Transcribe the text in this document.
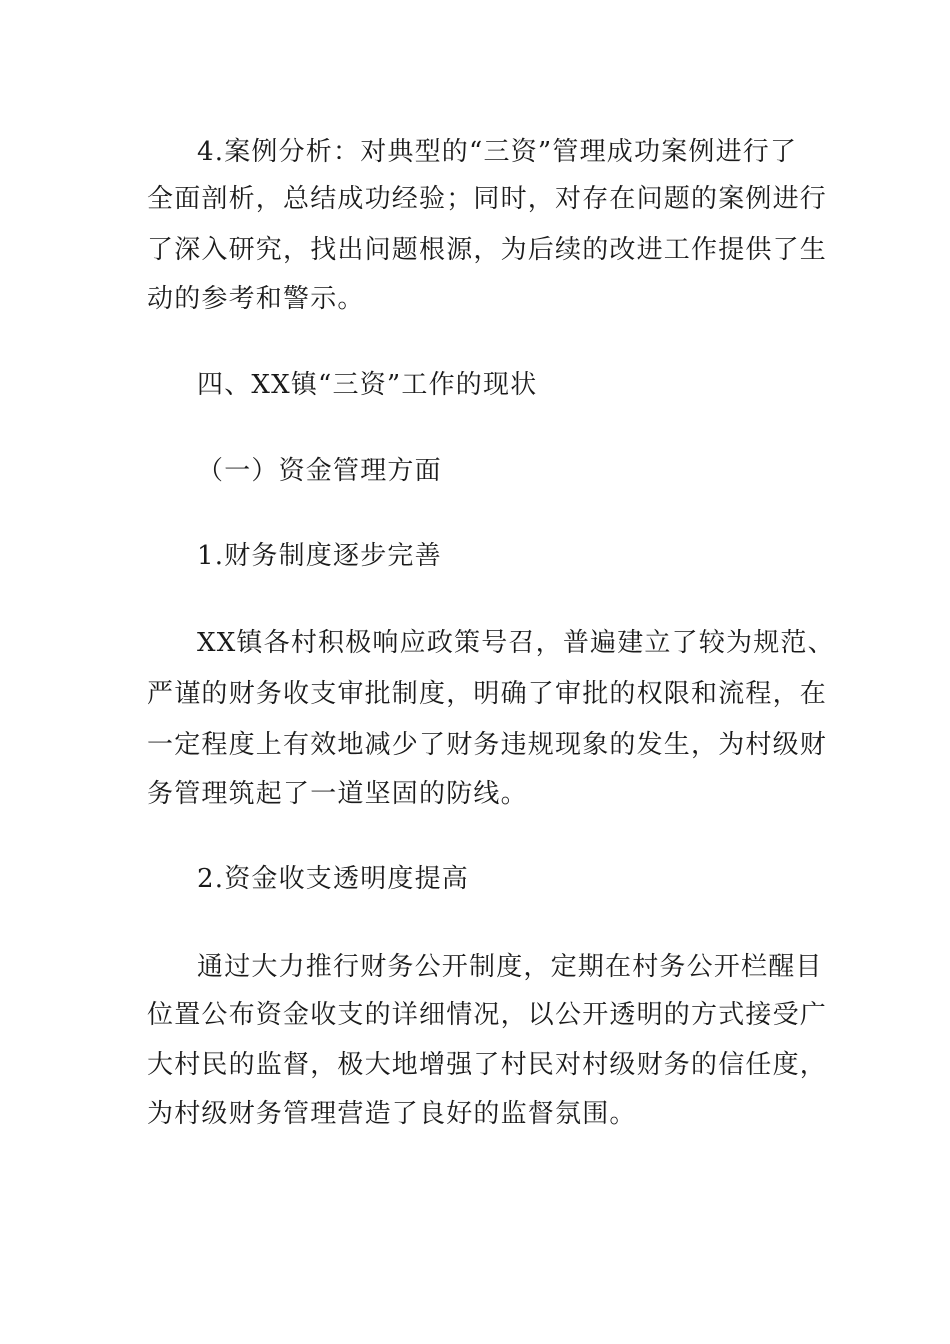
4.案例分析：对典型的“三资”管理成功案例进行了
全面剖析，总结成功经验；同时，对存在问题的案例进行
了深入研究，找出问题根源，为后续的改进工作提供了生
动的参考和警示。
四、XX镇“三资”工作的现状
（一）资金管理方面
1.财务制度逐步完善
XX镇各村积极响应政策号召，普遍建立了较为规范、
严谨的财务收支审批制度，明确了审批的权限和流程，在
一定程度上有效地减少了财务违规现象的发生，为村级财
务管理筑起了一道坚固的防线。
2.资金收支透明度提高
通过大力推行财务公开制度，定期在村务公开栏醒目
位置公布资金收支的详细情况，以公开透明的方式接受广
大村民的监督，极大地增强了村民对村级财务的信任度，
为村级财务管理营造了良好的监督氛围。
